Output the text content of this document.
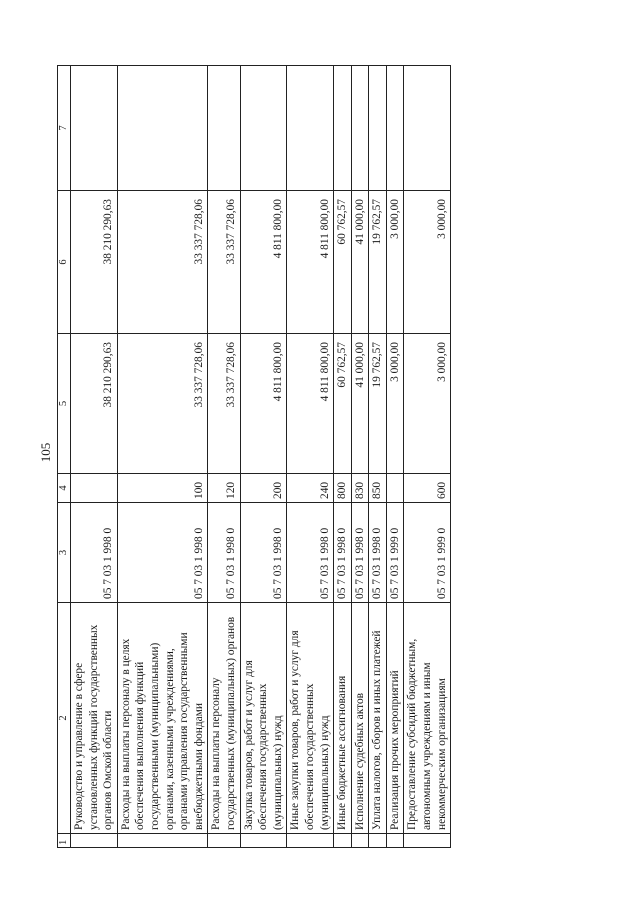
105
1	2	3	4	5	6	7
	Руководство и управление в сфере установленных функций государственных органов Омской области	05 7 03 1 998 0		38 210 290,63	38 210 290,63	
	Расходы на выплаты персоналу в целях обеспечения выполнения функций государственными (муниципальными) органами, казенными учреждениями, органами управления государственными внебюджетными фондами	05 7 03 1 998 0	100	33 337 728,06	33 337 728,06	
	Расходы на выплаты персоналу государственных (муниципальных) органов	05 7 03 1 998 0	120	33 337 728,06	33 337 728,06	
	Закупка товаров, работ и услуг для обеспечения государственных (муниципальных) нужд	05 7 03 1 998 0	200	4 811 800,00	4 811 800,00	
	Иные закупки товаров, работ и услуг для обеспечения государственных (муниципальных) нужд	05 7 03 1 998 0	240	4 811 800,00	4 811 800,00	
	Иные бюджетные ассигнования	05 7 03 1 998 0	800	60 762,57	60 762,57	
	Исполнение судебных актов	05 7 03 1 998 0	830	41 000,00	41 000,00	
	Уплата налогов, сборов и иных платежей	05 7 03 1 998 0	850	19 762,57	19 762,57	
	Реализация прочих мероприятий	05 7 03 1 999 0		3 000,00	3 000,00	
	Предоставление субсидий бюджетным, автономным учреждениям и иным некоммерческим организациям	05 7 03 1 999 0	600	3 000,00	3 000,00	
